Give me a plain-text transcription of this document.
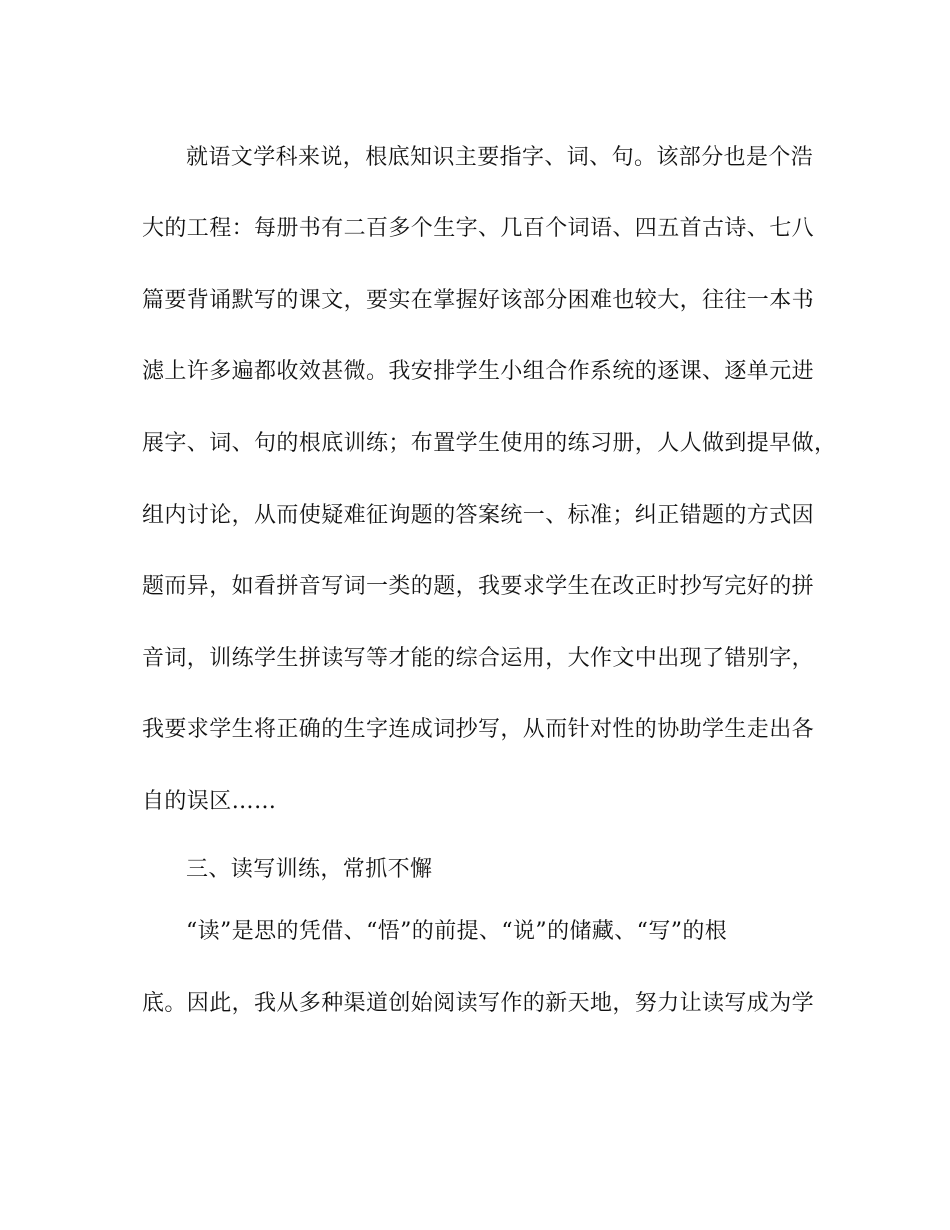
就语文学科来说，根底知识主要指字、词、句。该部分也是个浩
大的工程：每册书有二百多个生字、几百个词语、四五首古诗、七八
篇要背诵默写的课文，要实在掌握好该部分困难也较大，往往一本书
滤上许多遍都收效甚微。我安排学生小组合作系统的逐课、逐单元进
展字、词、句的根底训练；布置学生使用的练习册，人人做到提早做，
组内讨论，从而使疑难征询题的答案统一、标准；纠正错题的方式因
题而异，如看拼音写词一类的题，我要求学生在改正时抄写完好的拼
音词，训练学生拼读写等才能的综合运用，大作文中出现了错别字，
我要求学生将正确的生字连成词抄写，从而针对性的协助学生走出各
自的误区……
三、读写训练，常抓不懈
“读”是思的凭借、“悟”的前提、“说”的储藏、“写”的根
底。因此，我从多种渠道创始阅读写作的新天地，努力让读写成为学
